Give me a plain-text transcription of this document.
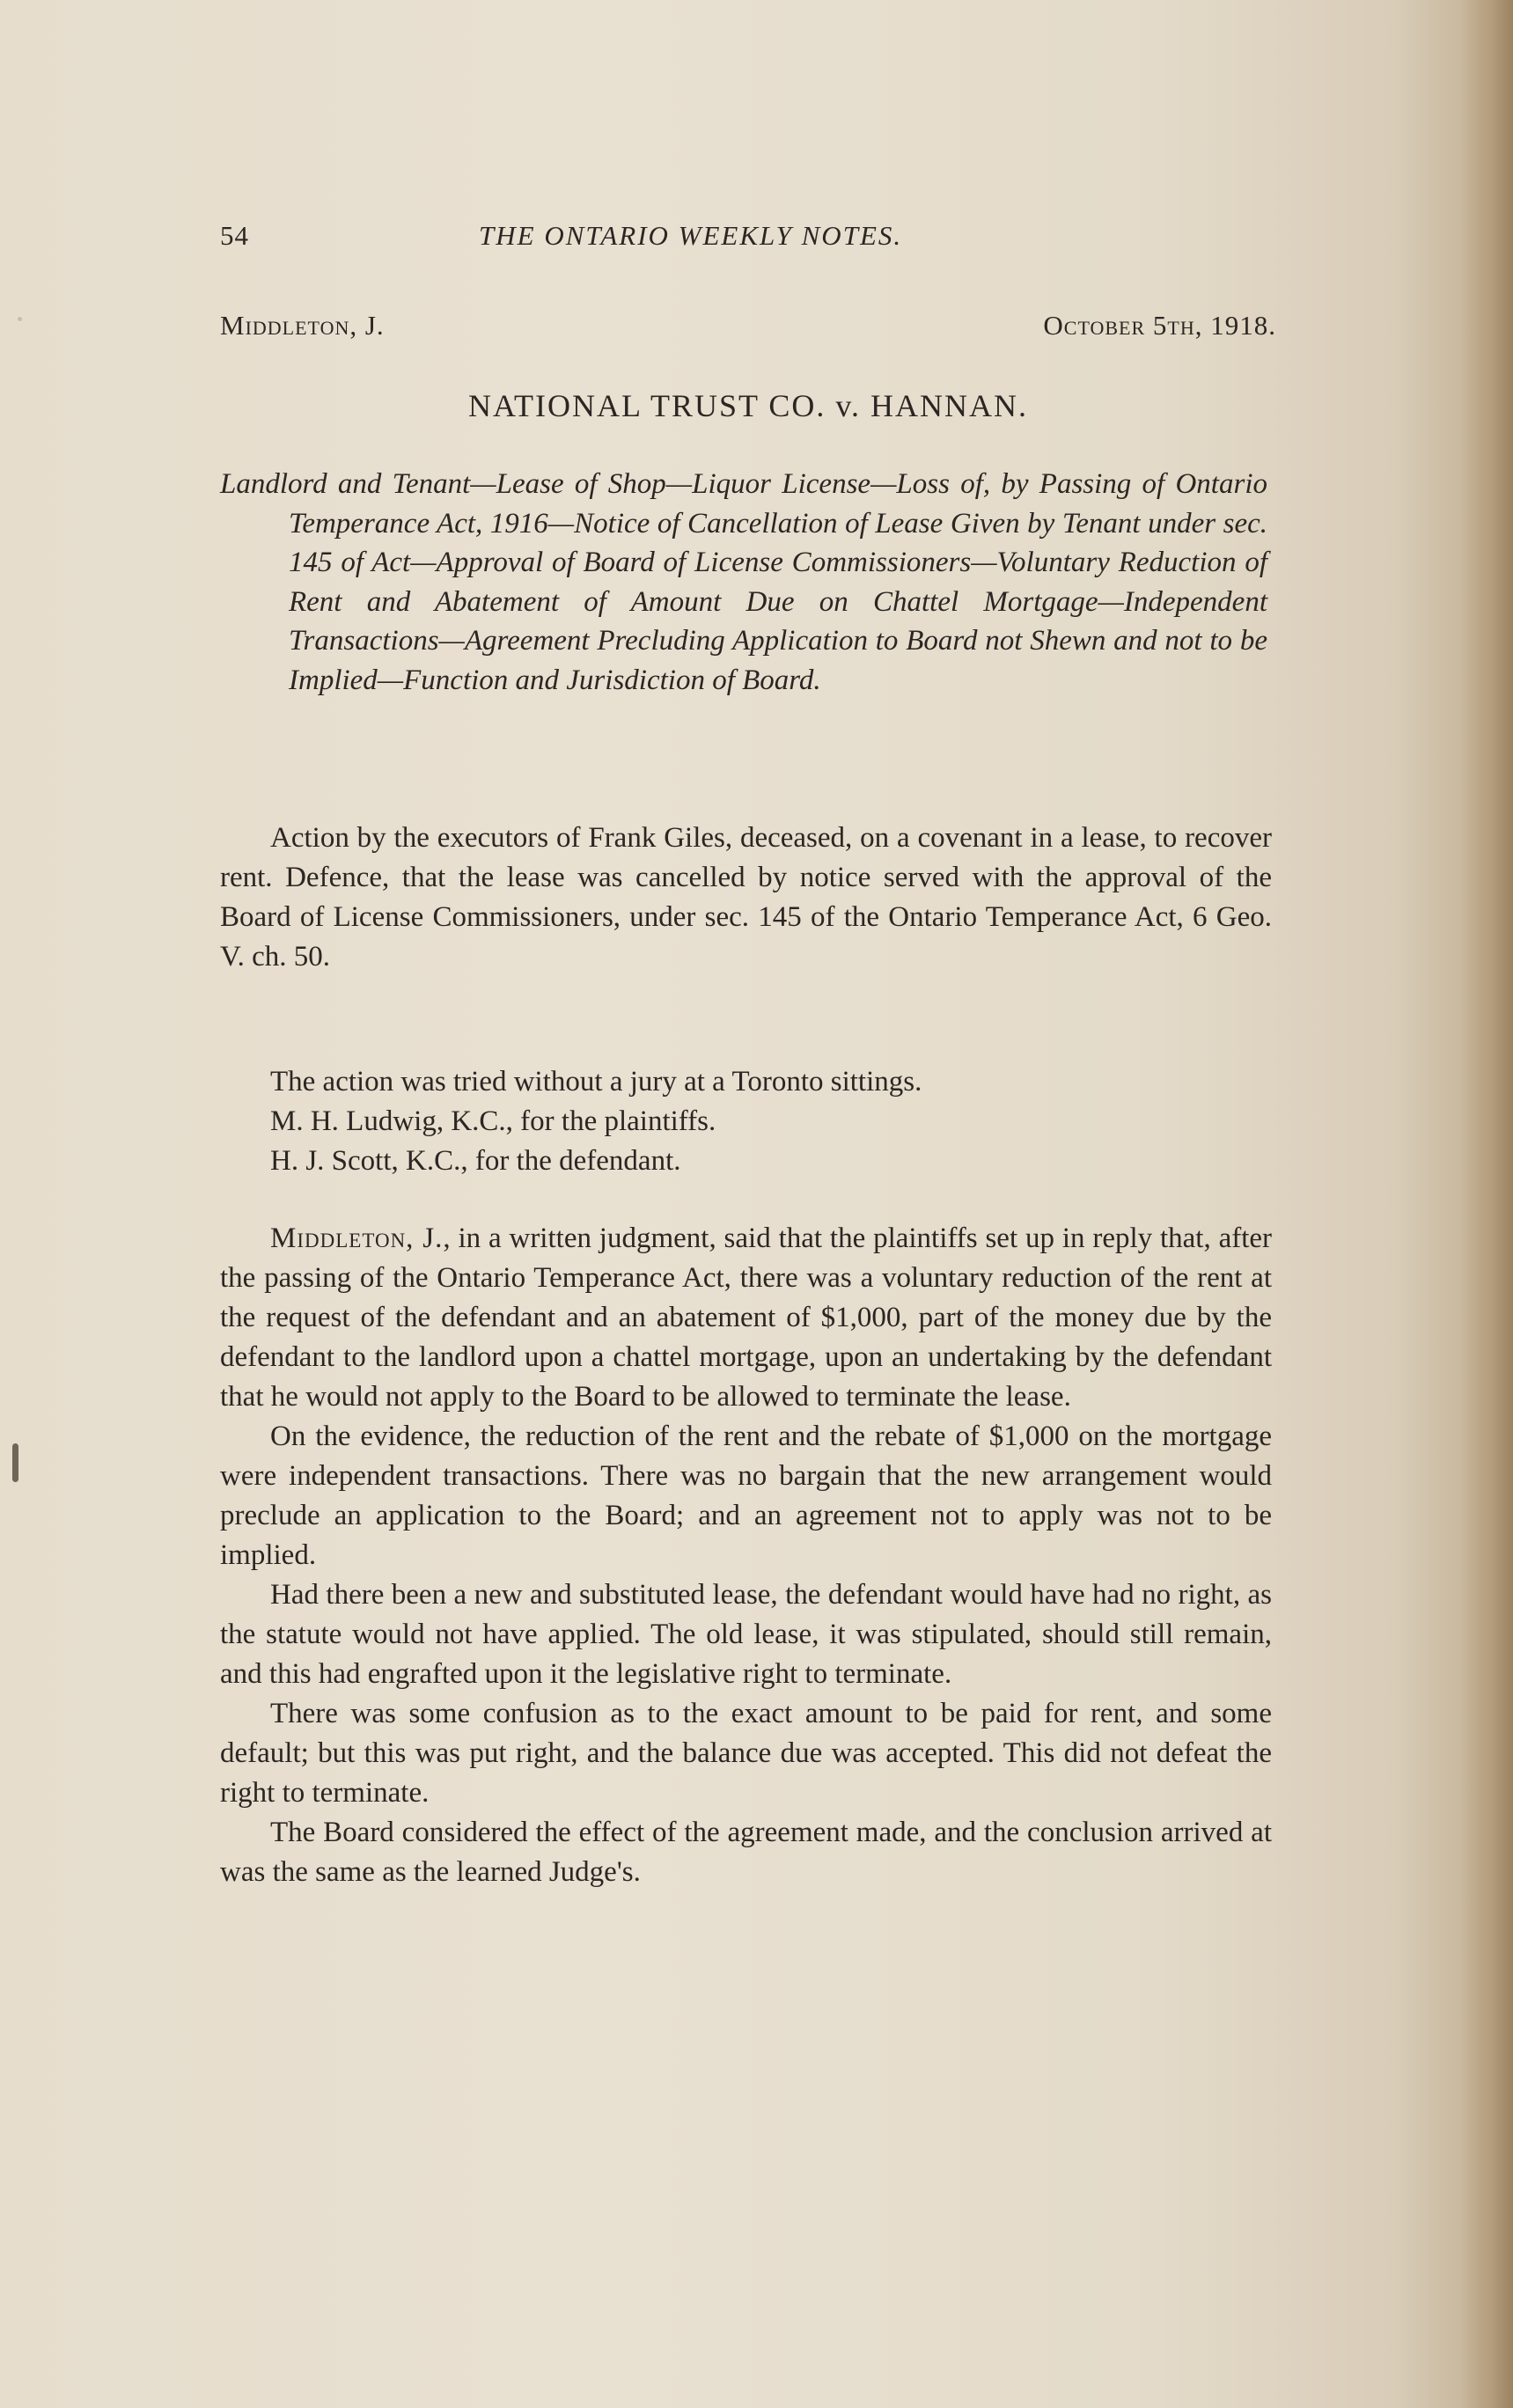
54	THE ONTARIO WEEKLY NOTES.
Middleton, J.	October 5th, 1918.
NATIONAL TRUST CO. v. HANNAN.
Landlord and Tenant—Lease of Shop—Liquor License—Loss of, by Passing of Ontario Temperance Act, 1916—Notice of Cancellation of Lease Given by Tenant under sec. 145 of Act—Approval of Board of License Commissioners—Voluntary Reduction of Rent and Abatement of Amount Due on Chattel Mortgage—Independent Transactions—Agreement Precluding Application to Board not Shewn and not to be Implied—Function and Jurisdiction of Board.

Action by the executors of Frank Giles, deceased, on a covenant in a lease, to recover rent. Defence, that the lease was cancelled by notice served with the approval of the Board of License Commissioners, under sec. 145 of the Ontario Temperance Act, 6 Geo. V. ch. 50.

The action was tried without a jury at a Toronto sittings.

M. H. Ludwig, K.C., for the plaintiffs.

H. J. Scott, K.C., for the defendant.

Middleton, J., in a written judgment, said that the plaintiffs set up in reply that, after the passing of the Ontario Temperance Act, there was a voluntary reduction of the rent at the request of the defendant and an abatement of $1,000, part of the money due by the defendant to the landlord upon a chattel mortgage, upon an undertaking by the defendant that he would not apply to the Board to be allowed to terminate the lease.

On the evidence, the reduction of the rent and the rebate of $1,000 on the mortgage were independent transactions. There was no bargain that the new arrangement would preclude an application to the Board; and an agreement not to apply was not to be implied.

Had there been a new and substituted lease, the defendant would have had no right, as the statute would not have applied. The old lease, it was stipulated, should still remain, and this had engrafted upon it the legislative right to terminate.

There was some confusion as to the exact amount to be paid for rent, and some default; but this was put right, and the balance due was accepted. This did not defeat the right to terminate.

The Board considered the effect of the agreement made, and the conclusion arrived at was the same as the learned Judge's.
